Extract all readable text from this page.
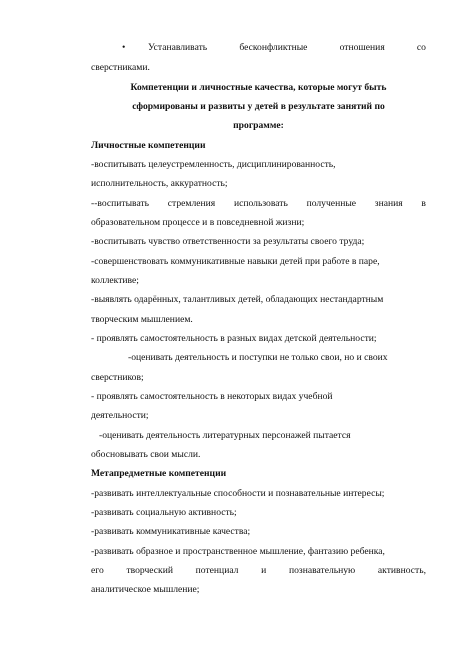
• Устанавливать	бесконфликтные	отношения	со
сверстниками.
Компетенции и личностные качества, которые могут быть
сформированы и развиты у детей в результате занятий по
программе:
Личностные компетенции
-воспитывать целеустремленность, дисциплинированность,
исполнительность, аккуратность;
--воспитывать стремления использовать полученные знания в
образовательном процессе и в повседневной жизни;
-воспитывать чувство ответственности за результаты своего труда;
-совершенствовать коммуникативные навыки детей при работе в паре,
коллективе;
-выявлять одарённых, талантливых детей, обладающих нестандартным
творческим мышлением.
- проявлять самостоятельность в разных видах детской деятельности;
-оценивать деятельность и поступки не только свои, но и своих
сверстников;
- проявлять самостоятельность в некоторых видах учебной
деятельности;
-оценивать деятельность литературных персонажей пытается
обосновывать свои мысли.
Метапредметные компетенции
-развивать интеллектуальные способности и познавательные интересы;
-развивать социальную активность;
-развивать коммуникативные качества;
-развивать образное и пространственное мышление, фантазию ребенка,
его творческий потенциал и познавательную активность,
аналитическое мышление;
